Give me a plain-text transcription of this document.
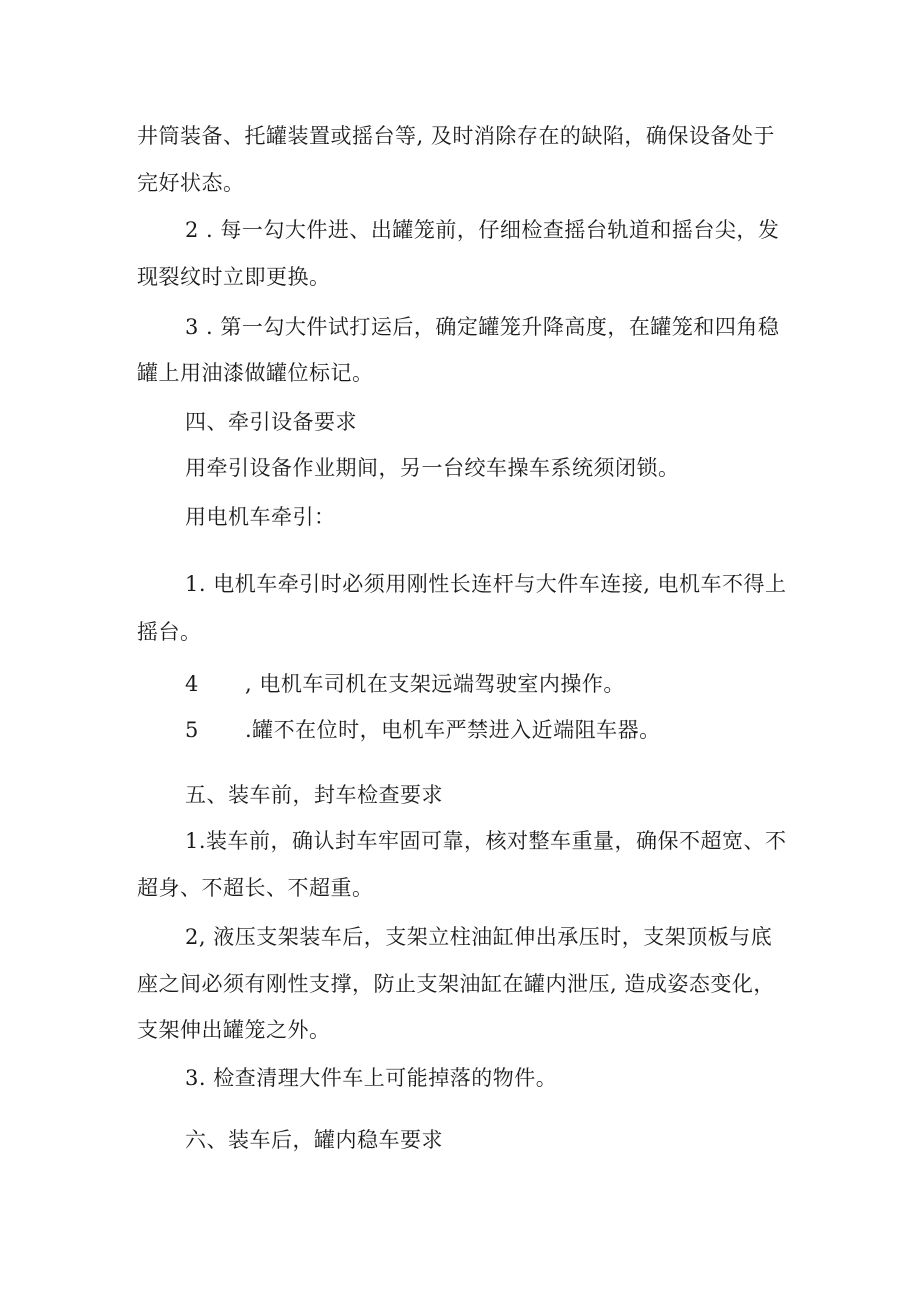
井筒装备、托罐装置或摇台等, 及时消除存在的缺陷，确保设备处于
完好状态。
2 . 每一勾大件进、出罐笼前，仔细检查摇台轨道和摇台尖，发
现裂纹时立即更换。
3 . 第一勾大件试打运后，确定罐笼升降高度，在罐笼和四角稳
罐上用油漆做罐位标记。
四、牵引设备要求
用牵引设备作业期间，另一台绞车操车系统须闭锁。
用电机车牵引：
1. 电机车牵引时必须用刚性长连杆与大件车连接, 电机车不得上
摇台。
4 , 电机车司机在支架远端驾驶室内操作。
5 .罐不在位时，电机车严禁进入近端阻车器。
五、装车前，封车检查要求
1.装车前，确认封车牢固可靠，核对整车重量，确保不超宽、不
超身、不超长、不超重。
2, 液压支架装车后，支架立柱油缸伸出承压时，支架顶板与底
座之间必须有刚性支撑，防止支架油缸在罐内泄压, 造成姿态变化，
支架伸出罐笼之外。
3. 检查清理大件车上可能掉落的物件。
六、装车后，罐内稳车要求
